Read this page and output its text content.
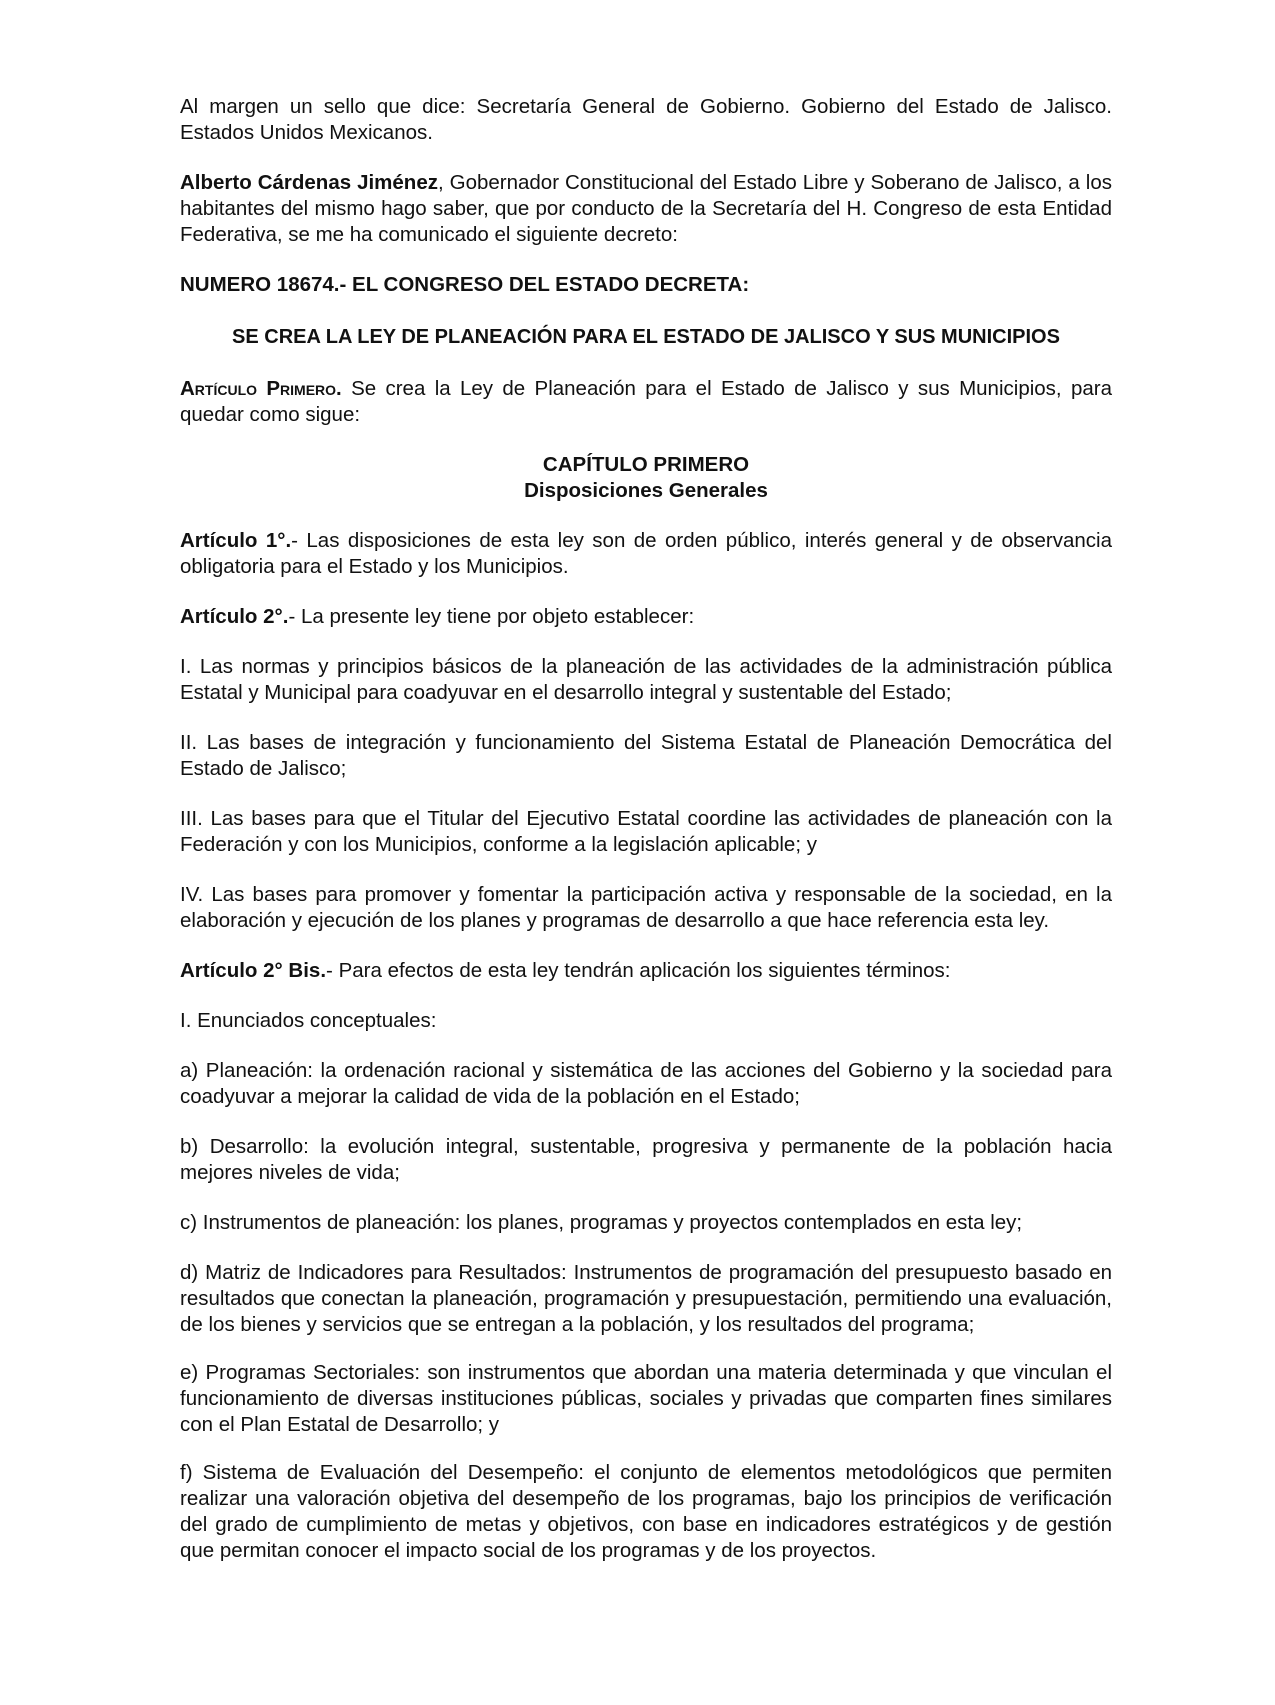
Al margen un sello que dice: Secretaría General de Gobierno. Gobierno del Estado de Jalisco. Estados Unidos Mexicanos.

Alberto Cárdenas Jiménez, Gobernador Constitucional del Estado Libre y Soberano de Jalisco, a los habitantes del mismo hago saber, que por conducto de la Secretaría del H. Congreso de esta Entidad Federativa, se me ha comunicado el siguiente decreto:

NUMERO 18674.- EL CONGRESO DEL ESTADO DECRETA:
SE CREA LA LEY DE PLANEACIÓN PARA EL ESTADO DE JALISCO Y SUS MUNICIPIOS

Artículo Primero. Se crea la Ley de Planeación para el Estado de Jalisco y sus Municipios, para quedar como sigue:

CAPÍTULO PRIMERO
Disposiciones Generales

Artículo 1°.- Las disposiciones de esta ley son de orden público, interés general y de observancia obligatoria para el Estado y los Municipios.

Artículo 2°.- La presente ley tiene por objeto establecer:

I. Las normas y principios básicos de la planeación de las actividades de la administración pública Estatal y Municipal para coadyuvar en el desarrollo integral y sustentable del Estado;

II. Las bases de integración y funcionamiento del Sistema Estatal de Planeación Democrática del Estado de Jalisco;

III. Las bases para que el Titular del Ejecutivo Estatal coordine las actividades de planeación con la Federación y con los Municipios, conforme a la legislación aplicable; y

IV. Las bases para promover y fomentar la participación activa y responsable de la sociedad, en la elaboración y ejecución de los planes y programas de desarrollo a que hace referencia esta ley.

Artículo 2° Bis.- Para efectos de esta ley tendrán aplicación los siguientes términos:

I. Enunciados conceptuales:

a) Planeación: la ordenación racional y sistemática de las acciones del Gobierno y la sociedad para coadyuvar a mejorar la calidad de vida de la población en el Estado;

b) Desarrollo: la evolución integral, sustentable, progresiva y permanente de la población hacia mejores niveles de vida;

c) Instrumentos de planeación: los planes, programas y proyectos contemplados en esta ley;

d) Matriz de Indicadores para Resultados: Instrumentos de programación del presupuesto basado en resultados que conectan la planeación, programación y presupuestación, permitiendo una evaluación, de los bienes y servicios que se entregan a la población, y los resultados del programa;

e) Programas Sectoriales: son instrumentos que abordan una materia determinada y que vinculan el funcionamiento de diversas instituciones públicas, sociales y privadas que comparten fines similares con el Plan Estatal de Desarrollo; y

f) Sistema de Evaluación del Desempeño: el conjunto de elementos metodológicos que permiten realizar una valoración objetiva del desempeño de los programas, bajo los principios de verificación del grado de cumplimiento de metas y objetivos, con base en indicadores estratégicos y de gestión que permitan conocer el impacto social de los programas y de los proyectos.
